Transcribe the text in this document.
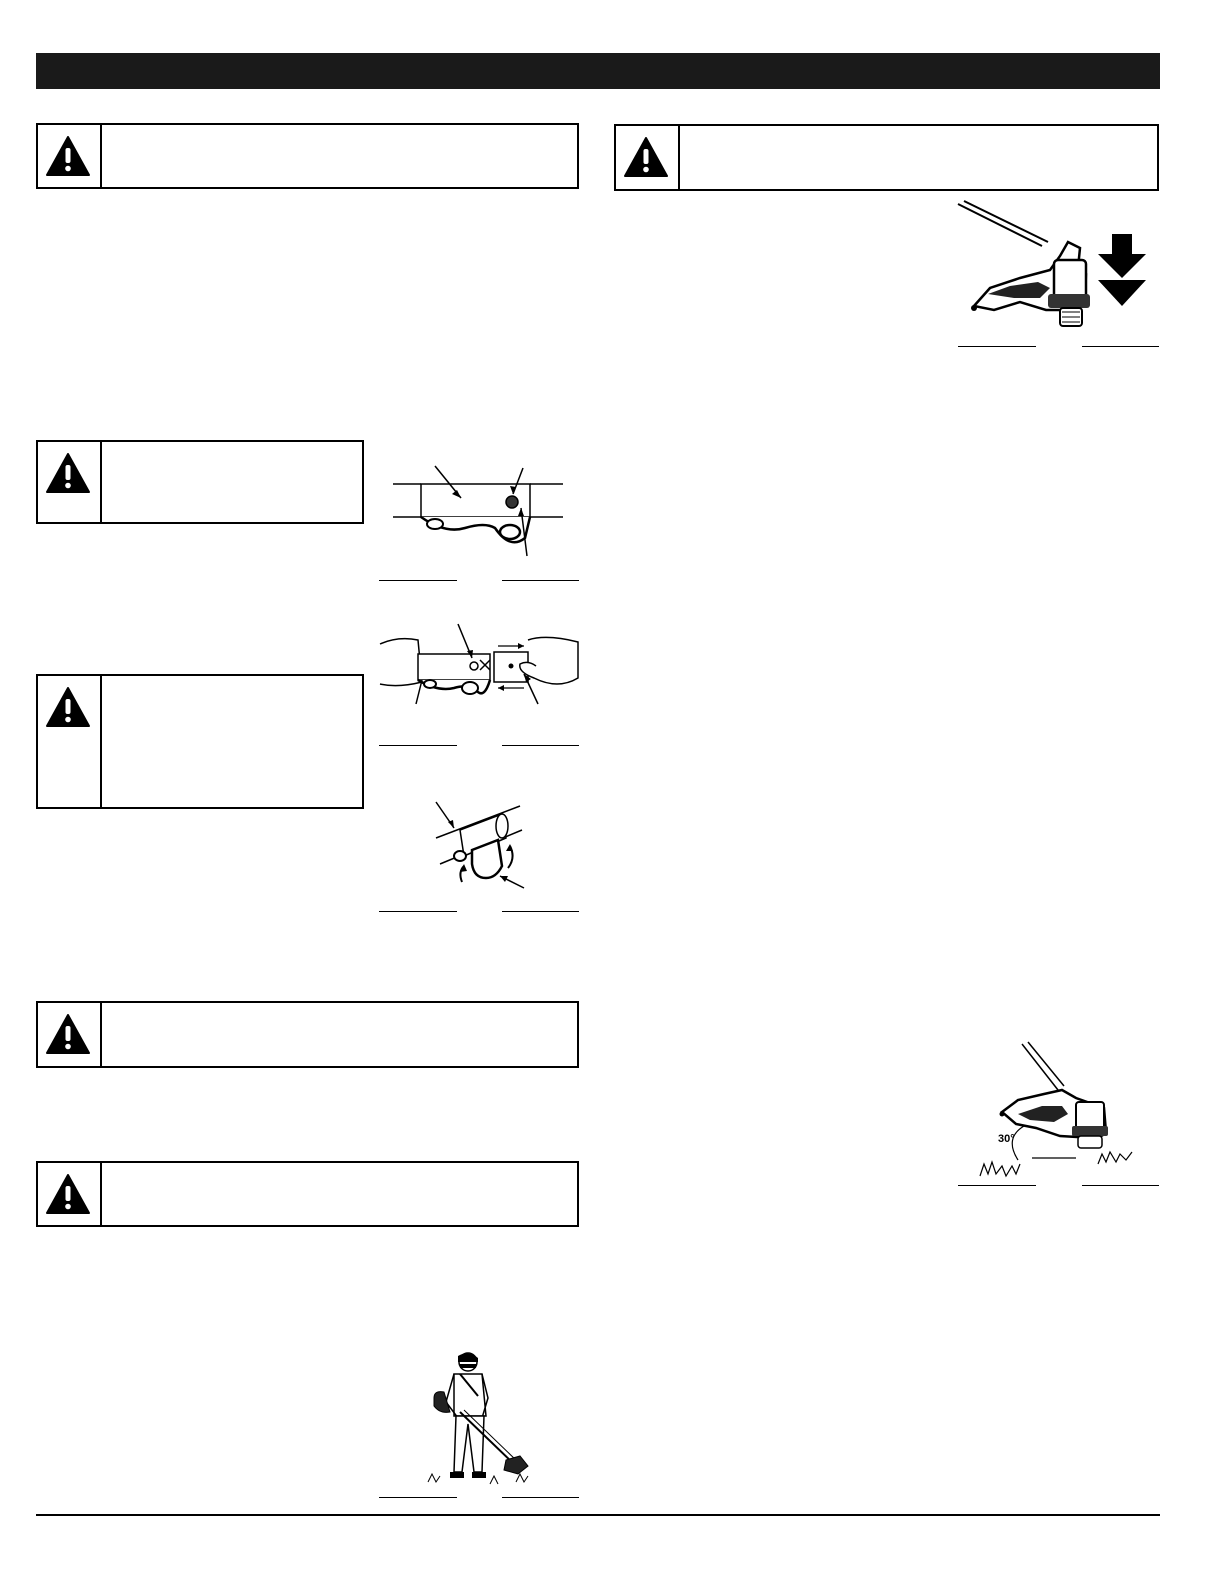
30°
